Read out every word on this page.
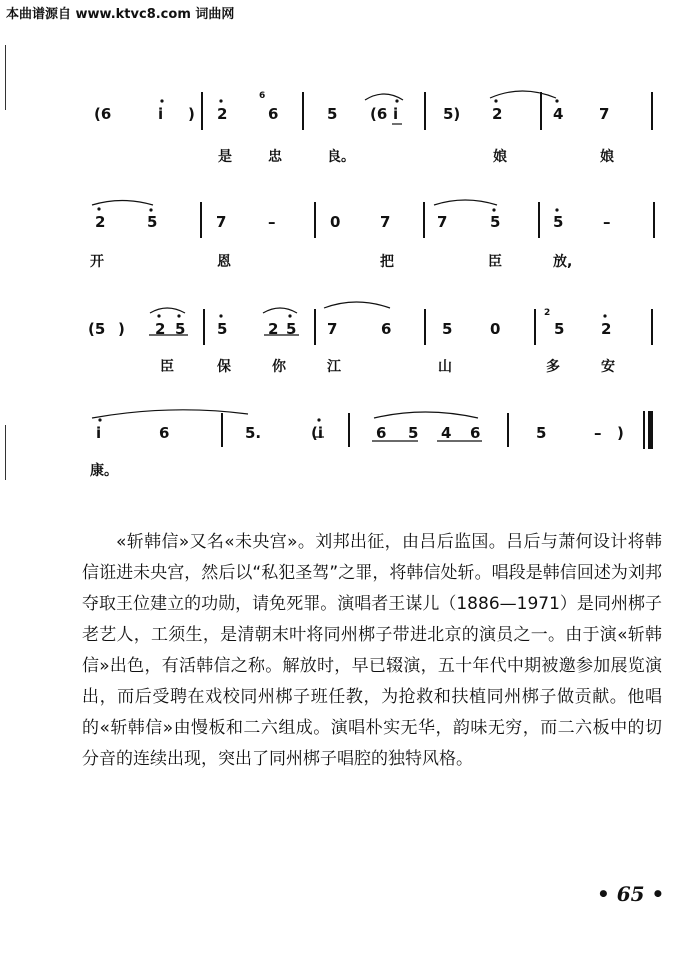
本曲谱源自 www.ktvc8.com 词曲网
(6	i ) 2
6
6	5 (6 i	5) 2	4 7
是	忠	良。	娘	娘
2	5	7	–	0	7	7	5	5	–
开	恩	把	臣	放,
(5 ) 2 5 5	2 5 7	6	5	0
2
5 2
臣	保	你	江	山	多	安
i	6	5.	(i	6 5 4 6	5	– )
康。

«斩韩信»又名«未央宫»。刘邦出征，由吕后监国。吕后与萧何设计将韩信诳进未央宫，然后以“私犯圣驾”之罪，将韩信处斩。唱段是韩信回述为刘邦夺取王位建立的功勋，请免死罪。演唱者王谋儿（1886—1971）是同州梆子老艺人，工须生，是清朝末叶将同州梆子带进北京的演员之一。由于演«斩韩信»出色，有活韩信之称。解放时，早已辍演，五十年代中期被邀参加展览演出，而后受聘在戏校同州梆子班任教，为抢救和扶植同州梆子做贡献。他唱的«斩韩信»由慢板和二六组成。演唱朴实无华，韵味无穷，而二六板中的切分音的连续出现，突出了同州梆子唱腔的独特风格。

• 65 •
